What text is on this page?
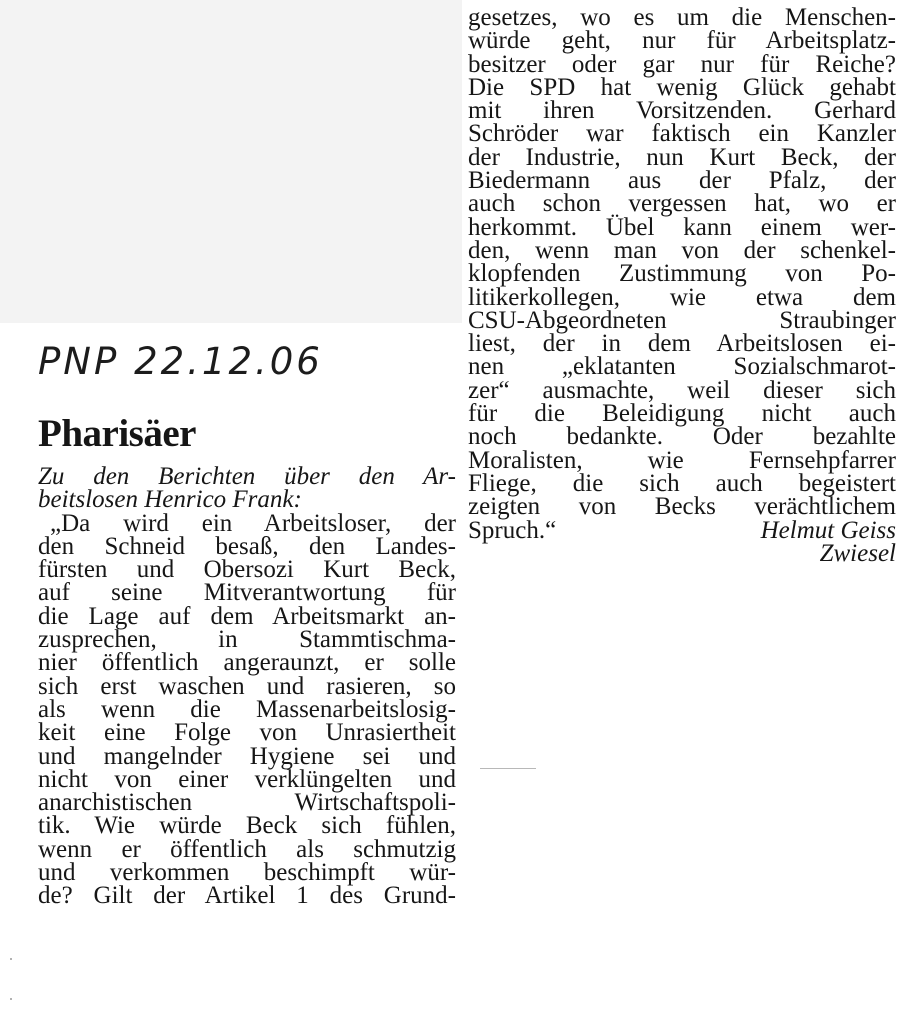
PNP 22.12.06
Pharisäer
Zu den Berichten über den Ar-
beitslosen Henrico Frank:
„Da wird ein Arbeitsloser, der
den Schneid besaß, den Landes-
fürsten und Obersozi Kurt Beck,
auf seine Mitverantwortung für
die Lage auf dem Arbeitsmarkt an-
zusprechen, in Stammtischma-
nier öffentlich angeraunzt, er solle
sich erst waschen und rasieren, so
als wenn die Massenarbeitslosig-
keit eine Folge von Unrasiertheit
und mangelnder Hygiene sei und
nicht von einer verklüngelten und
anarchistischen Wirtschaftspoli-
tik. Wie würde Beck sich fühlen,
wenn er öffentlich als schmutzig
und verkommen beschimpft wür-
de? Gilt der Artikel 1 des Grund-
gesetzes, wo es um die Menschen-
würde geht, nur für Arbeitsplatz-
besitzer oder gar nur für Reiche?
Die SPD hat wenig Glück gehabt
mit ihren Vorsitzenden. Gerhard
Schröder war faktisch ein Kanzler
der Industrie, nun Kurt Beck, der
Biedermann aus der Pfalz, der
auch schon vergessen hat, wo er
herkommt. Übel kann einem wer-
den, wenn man von der schenkel-
klopfenden Zustimmung von Po-
litikerkollegen, wie etwa dem
CSU-Abgeordneten Straubinger
liest, der in dem Arbeitslosen ei-
nen „eklatanten Sozialschmarot-
zer“ ausmachte, weil dieser sich
für die Beleidigung nicht auch
noch bedankte. Oder bezahlte
Moralisten, wie Fernsehpfarrer
Fliege, die sich auch begeistert
zeigten von Becks verächtlichem
Spruch.“	Helmut Geiss
Zwiesel
